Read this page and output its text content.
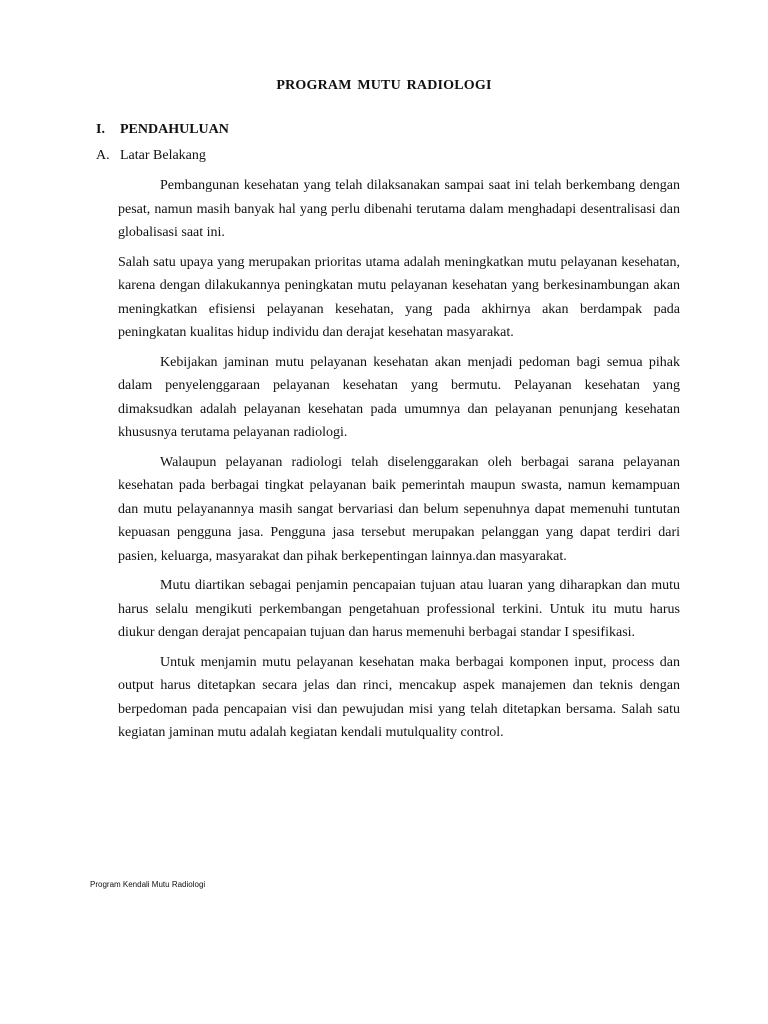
PROGRAM MUTU RADIOLOGI
I. PENDAHULUAN
A. Latar Belakang

Pembangunan kesehatan yang telah dilaksanakan sampai saat ini telah berkembang dengan pesat, namun masih banyak hal yang perlu dibenahi terutama dalam menghadapi desentralisasi dan globalisasi saat ini.

Salah satu upaya yang merupakan prioritas utama adalah meningkatkan mutu pelayanan kesehatan, karena dengan dilakukannya peningkatan mutu pelayanan kesehatan yang berkesinambungan akan meningkatkan efisiensi pelayanan kesehatan, yang pada akhirnya akan berdampak pada peningkatan kualitas hidup individu dan derajat kesehatan masyarakat.

Kebijakan jaminan mutu pelayanan kesehatan akan menjadi pedoman bagi semua pihak dalam penyelenggaraan pelayanan kesehatan yang bermutu. Pelayanan kesehatan yang dimaksudkan adalah pelayanan kesehatan pada umumnya dan pelayanan penunjang kesehatan khususnya terutama pelayanan radiologi.

Walaupun pelayanan radiologi telah diselenggarakan oleh berbagai sarana pelayanan kesehatan pada berbagai tingkat pelayanan baik pemerintah maupun swasta, namun kemampuan dan mutu pelayanannya masih sangat bervariasi dan belum sepenuhnya dapat memenuhi tuntutan kepuasan pengguna jasa. Pengguna jasa tersebut merupakan pelanggan yang dapat terdiri dari pasien, keluarga, masyarakat dan pihak berkepentingan lainnya.dan masyarakat.

Mutu diartikan sebagai penjamin pencapaian tujuan atau luaran yang diharapkan dan mutu harus selalu mengikuti perkembangan pengetahuan professional terkini. Untuk itu mutu harus diukur dengan derajat pencapaian tujuan dan harus memenuhi berbagai standar I spesifikasi.

Untuk menjamin mutu pelayanan kesehatan maka berbagai komponen input, process dan output harus ditetapkan secara jelas dan rinci, mencakup aspek manajemen dan teknis dengan berpedoman pada pencapaian visi dan pewujudan misi yang telah ditetapkan bersama. Salah satu kegiatan jaminan mutu adalah kegiatan kendali mutulquality control.

Program Kendali Mutu Radiologi
